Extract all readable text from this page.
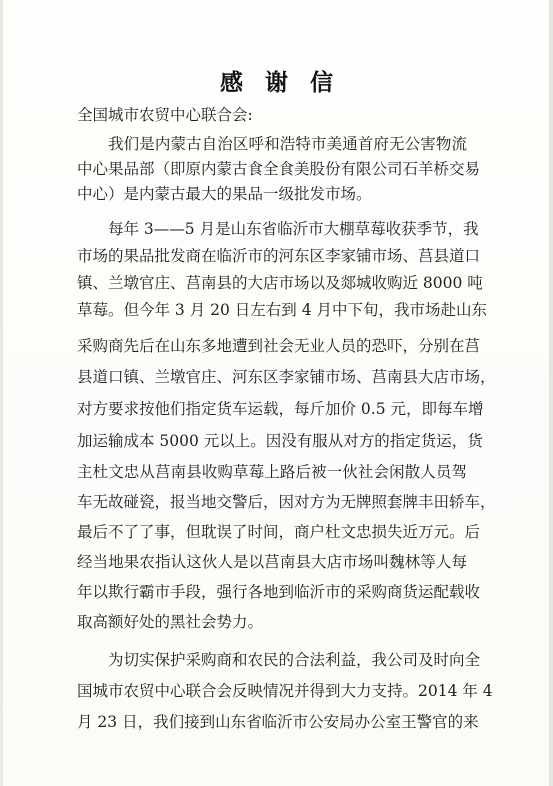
感谢信
全国城市农贸中心联合会:
我们是内蒙古自治区呼和浩特市美通首府无公害物流
中心果品部（即原内蒙古食全食美股份有限公司石羊桥交易
中心）是内蒙古最大的果品一级批发市场。
每年 3——5 月是山东省临沂市大棚草莓收获季节，我
市场的果品批发商在临沂市的河东区李家铺市场、莒县道口
镇、兰墩官庄、莒南县的大店市场以及郯城收购近 8000 吨
草莓。但今年 3 月 20 日左右到 4 月中下旬，我市场赴山东
采购商先后在山东多地遭到社会无业人员的恐吓，分别在莒
县道口镇、兰墩官庄、河东区李家铺市场、莒南县大店市场，
对方要求按他们指定货车运载，每斤加价 0.5 元，即每车增
加运输成本 5000 元以上。因没有服从对方的指定货运，货
主杜文忠从莒南县收购草莓上路后被一伙社会闲散人员驾
车无故碰瓷，报当地交警后，因对方为无牌照套牌丰田轿车，
最后不了了事，但耽误了时间，商户杜文忠损失近万元。后
经当地果农指认这伙人是以莒南县大店市场叫魏林等人每
年以欺行霸市手段，强行各地到临沂市的采购商货运配载收
取高额好处的黑社会势力。
为切实保护采购商和农民的合法利益，我公司及时向全
国城市农贸中心联合会反映情况并得到大力支持。2014 年 4
月 23 日，我们接到山东省临沂市公安局办公室王警官的来
